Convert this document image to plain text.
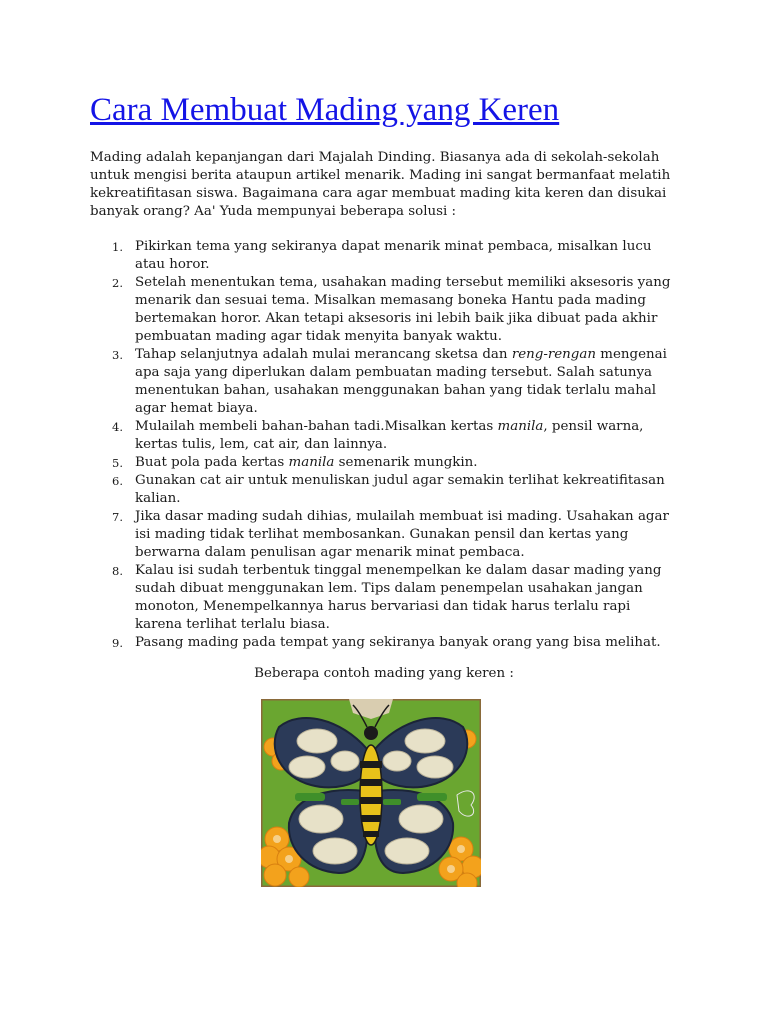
Cara Membuat Mading yang Keren

Mading adalah kepanjangan dari Majalah Dinding. Biasanya ada di sekolah-sekolah untuk mengisi berita ataupun artikel menarik. Mading ini sangat bermanfaat melatih kekreatifitasan siswa. Bagaimana cara agar membuat mading kita keren dan disukai banyak orang? Aa' Yuda mempunyai beberapa solusi :

1. Pikirkan tema yang sekiranya dapat menarik minat pembaca, misalkan lucu atau horor.
2. Setelah menentukan tema, usahakan mading tersebut memiliki aksesoris yang menarik dan sesuai tema. Misalkan memasang boneka Hantu pada mading bertemakan horor. Akan tetapi aksesoris ini lebih baik jika dibuat pada akhir pembuatan mading agar tidak menyita banyak waktu.
3. Tahap selanjutnya adalah mulai merancang sketsa dan reng-rengan mengenai apa saja yang diperlukan dalam pembuatan mading tersebut. Salah satunya menentukan bahan, usahakan menggunakan bahan yang tidak terlalu mahal agar hemat biaya.
4. Mulailah membeli bahan-bahan tadi.Misalkan kertas manila, pensil warna, kertas tulis, lem, cat air, dan lainnya.
5. Buat pola pada kertas manila semenarik mungkin.
6. Gunakan cat air untuk menuliskan judul agar semakin terlihat kekreatifitasan kalian.
7. Jika dasar mading sudah dihias, mulailah membuat isi mading. Usahakan agar isi mading tidak terlihat membosankan. Gunakan pensil dan kertas yang berwarna dalam penulisan agar menarik minat pembaca.
8. Kalau isi sudah terbentuk tinggal menempelkan ke dalam dasar mading yang sudah dibuat menggunakan lem. Tips dalam penempelan usahakan jangan monoton, Menempelkannya harus bervariasi dan tidak harus terlalu rapi karena terlihat terlalu biasa.
9. Pasang mading pada tempat yang sekiranya banyak orang yang bisa melihat.

Beberapa contoh mading yang keren :
